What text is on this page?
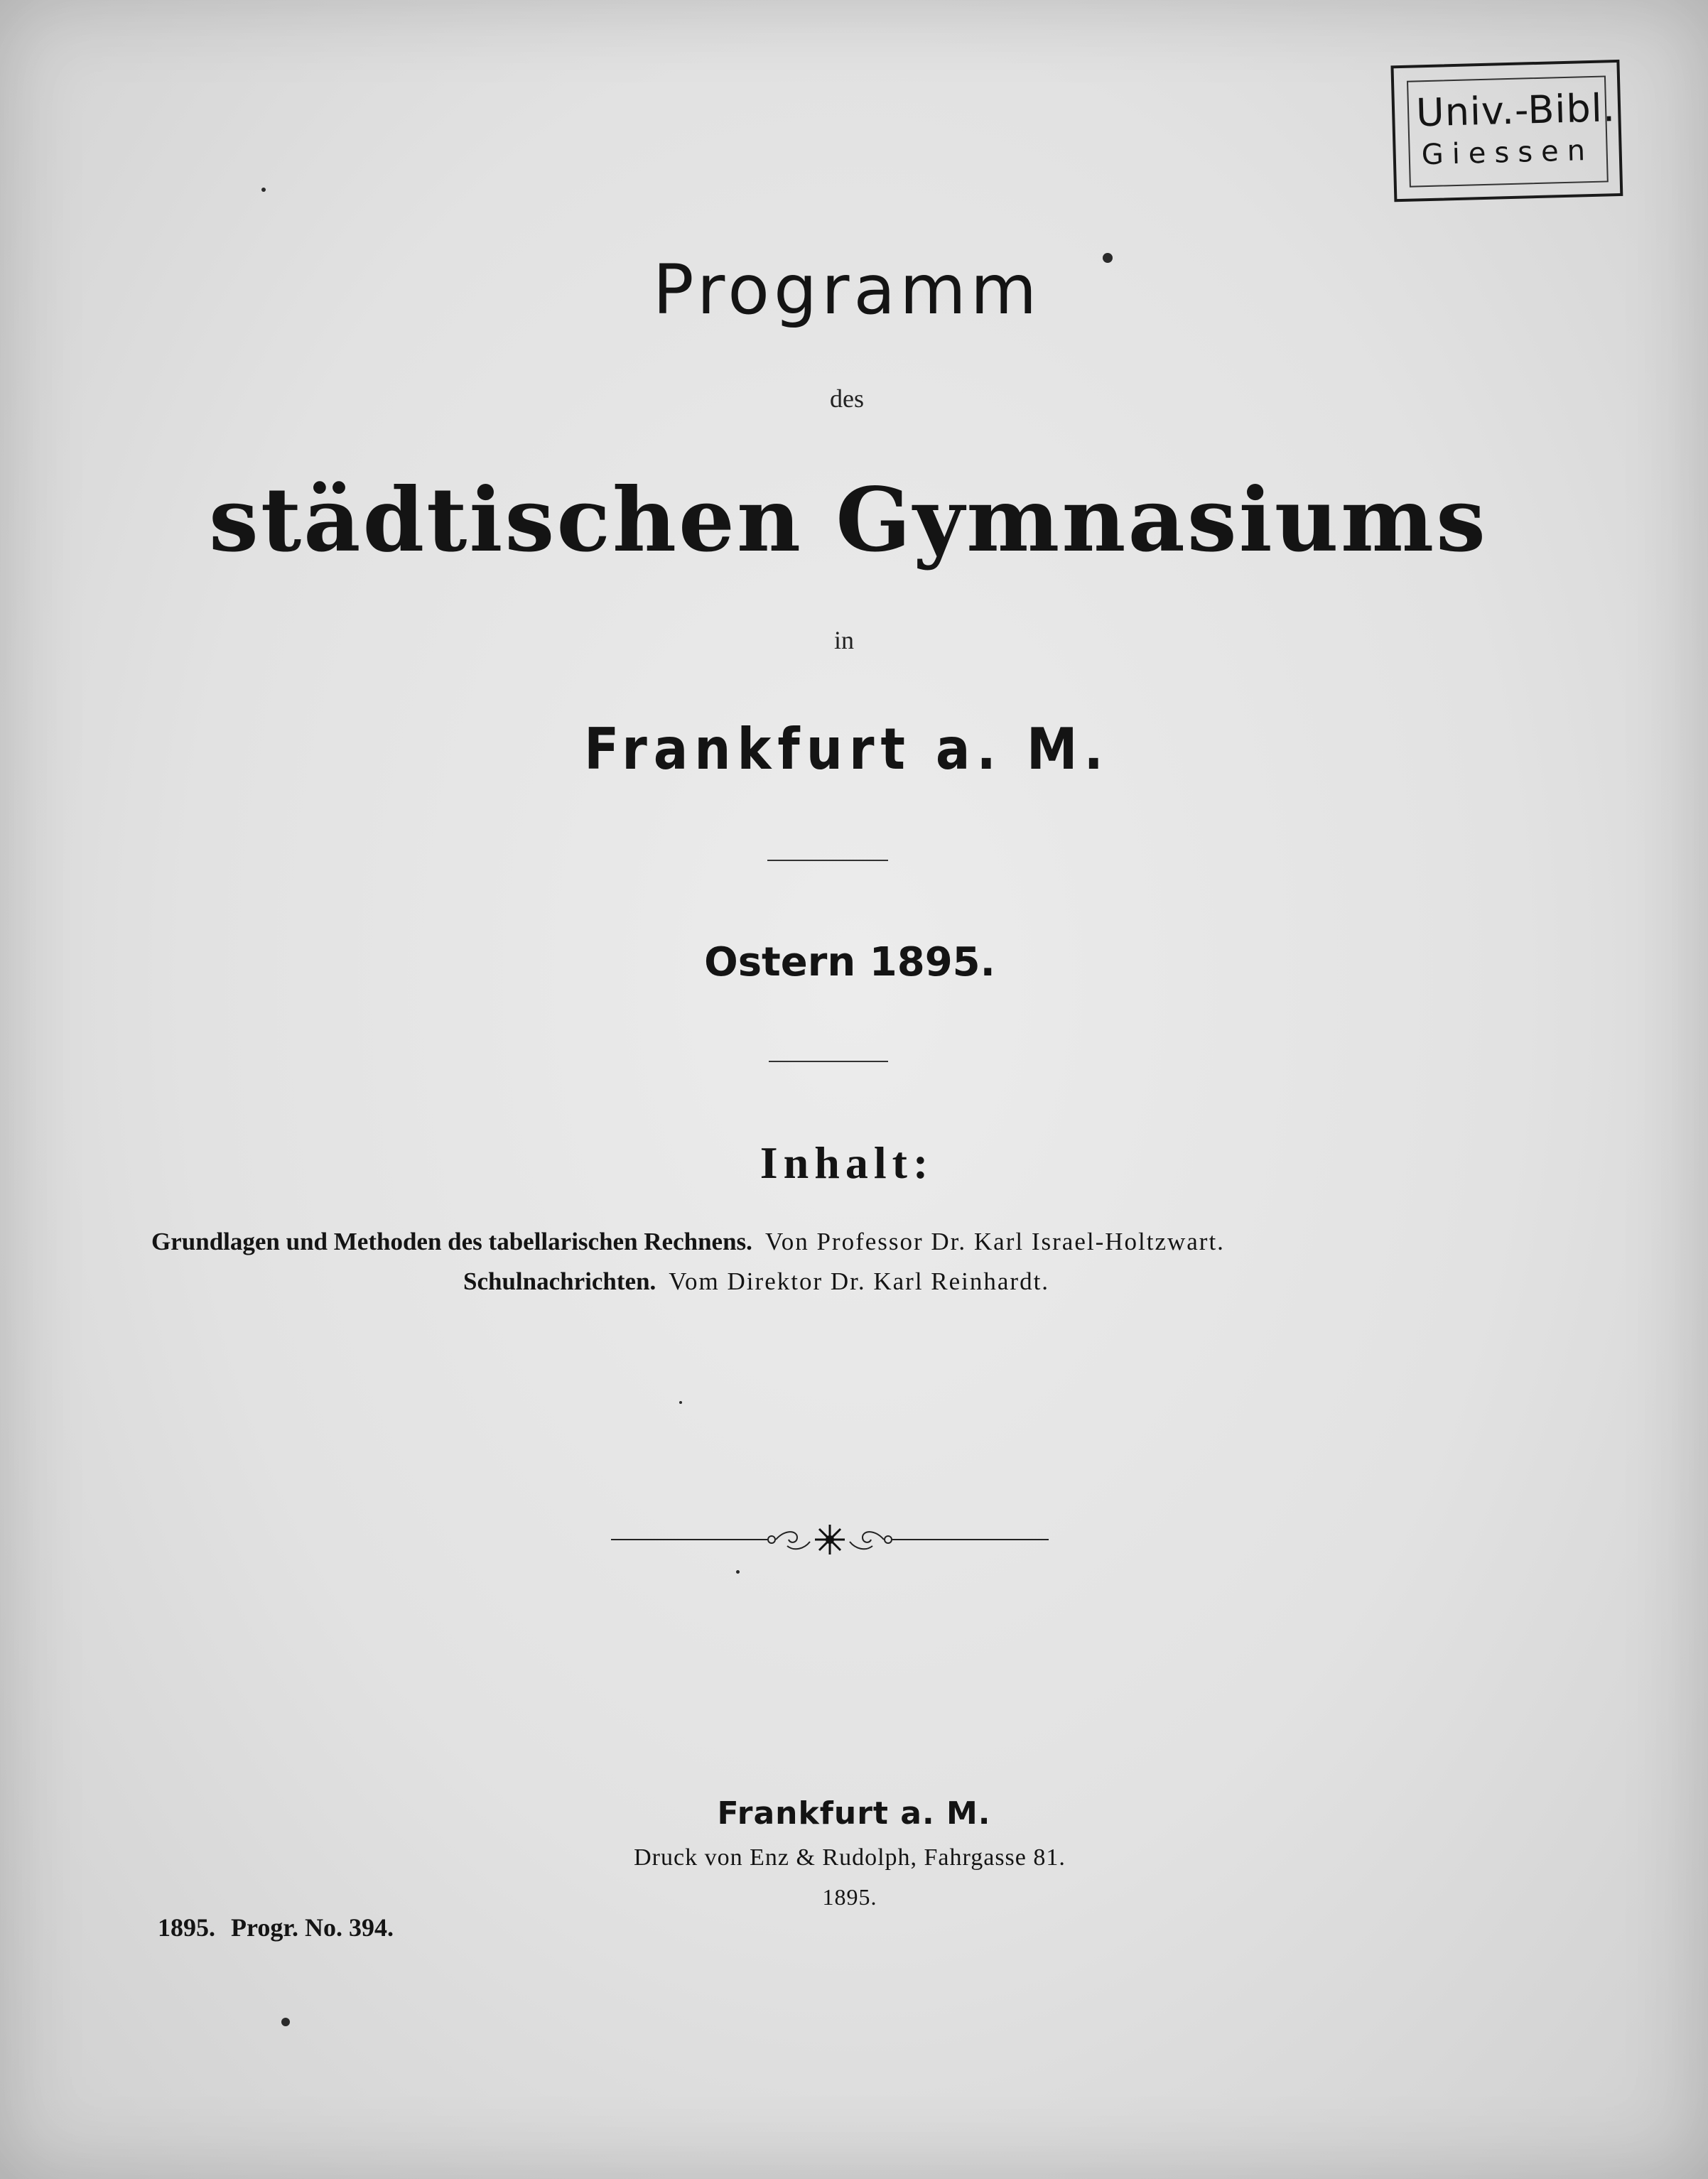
Univ.-Bibl.
Giessen
Programm
des
städtischen Gymnasiums
in
Frankfurt a. M.
Ostern 1895.
Inhalt:
Grundlagen und Methoden des tabellarischen Rechnens. Von Professor Dr. Karl Israel-Holtzwart.
Schulnachrichten. Vom Direktor Dr. Karl Reinhardt.
Frankfurt a. M.
Druck von Enz & Rudolph, Fahrgasse 81.
1895.
1895. Progr. No. 394.
